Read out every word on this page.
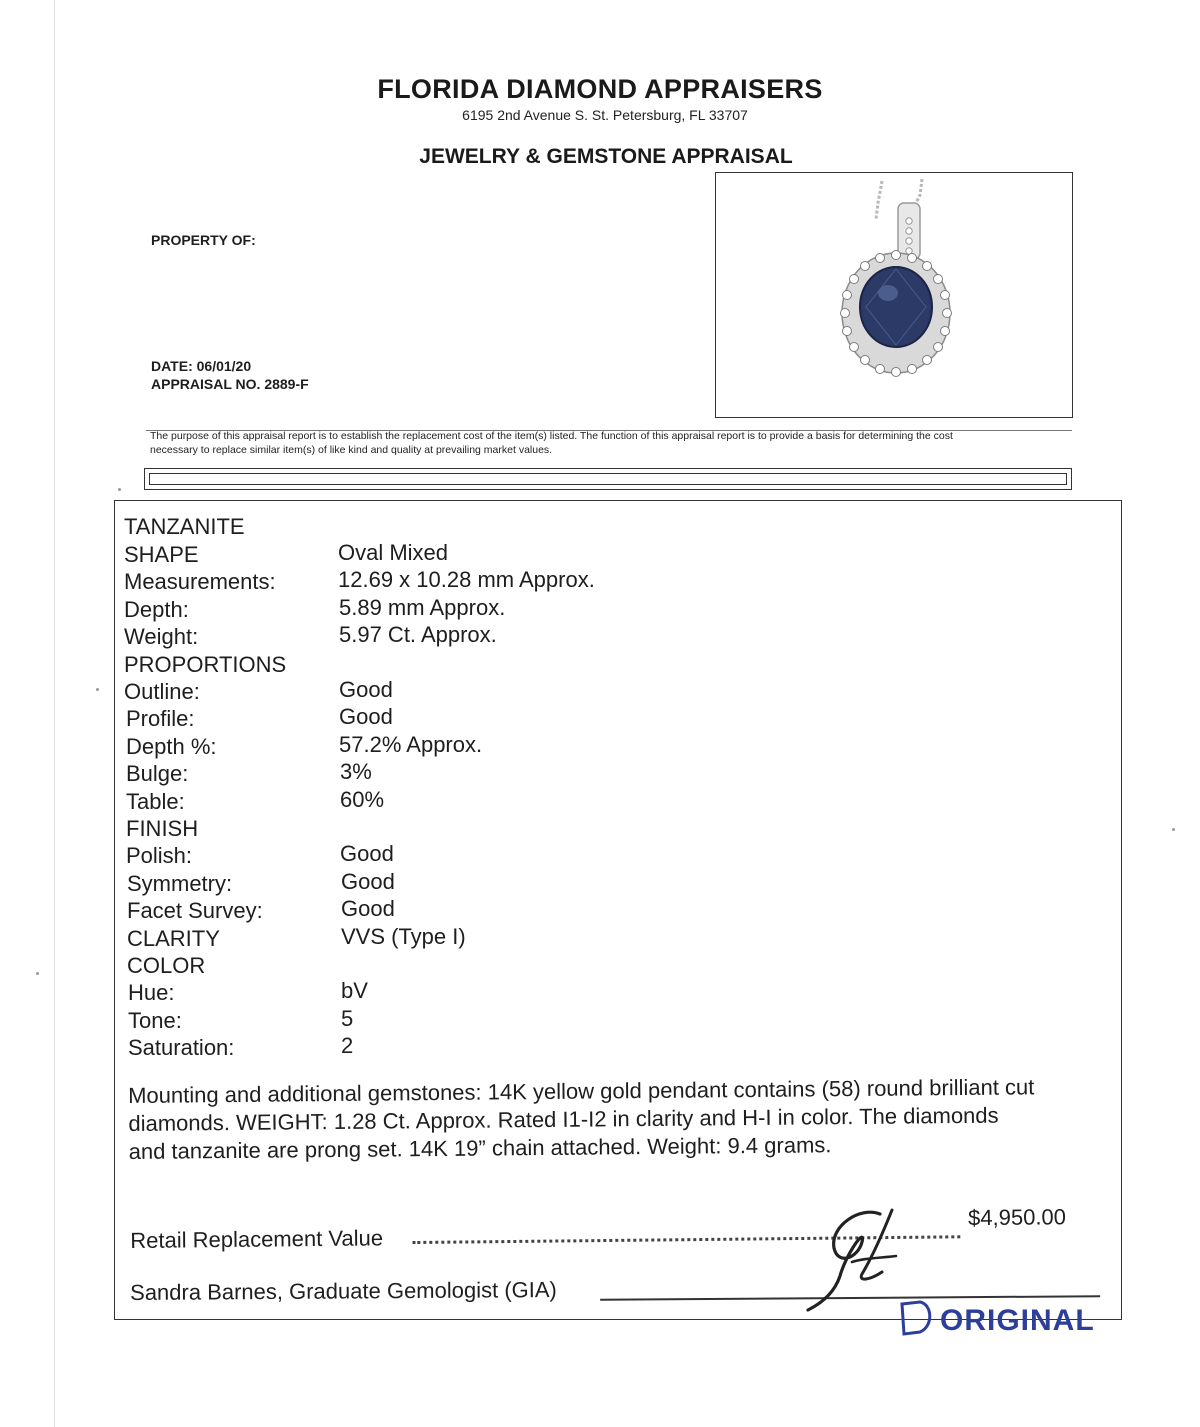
FLORIDA DIAMOND APPRAISERS
6195 2nd Avenue S. St. Petersburg, FL 33707
JEWELRY & GEMSTONE APPRAISAL
PROPERTY OF:
DATE: 06/01/20
APPRAISAL NO. 2889-F
The purpose of this appraisal report is to establish the replacement cost of the item(s) listed. The function of this appraisal report is to provide a basis for determining the cost
necessary to replace similar item(s) of like kind and quality at prevailing market values.
TANZANITE
SHAPE	Oval Mixed
Measurements:	12.69 x 10.28 mm Approx.
Depth:	5.89 mm Approx.
Weight:	5.97 Ct. Approx.
PROPORTIONS
Outline:	Good
Profile:	Good
Depth %:	57.2% Approx.
Bulge:	3%
Table:	60%
FINISH
Polish:	Good
Symmetry:	Good
Facet Survey:	Good
CLARITY	VVS (Type I)
COLOR
Hue:	bV
Tone:	5
Saturation:	2
Mounting and additional gemstones: 14K yellow gold pendant contains (58) round brilliant cut
diamonds. WEIGHT: 1.28 Ct. Approx. Rated I1-I2 in clarity and H-I in color. The diamonds
and tanzanite are prong set. 14K 19” chain attached. Weight: 9.4 grams.
Retail Replacement Value
$4,950.00
Sandra Barnes, Graduate Gemologist (GIA)
ORIGINAL
